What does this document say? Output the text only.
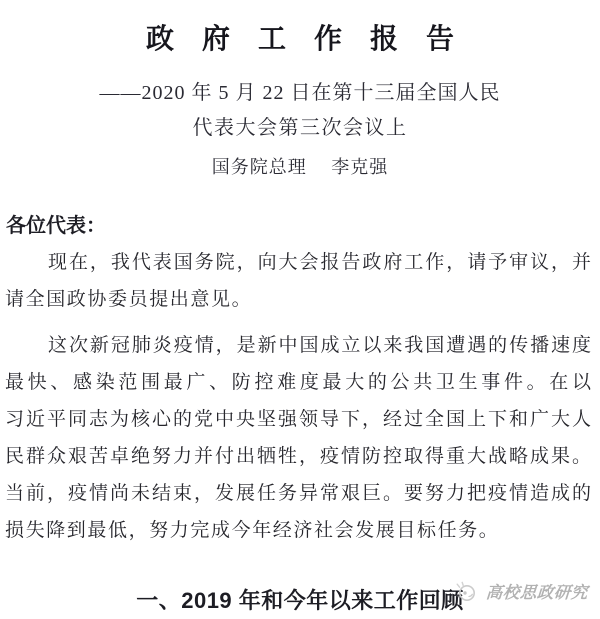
政　府　工　作　报　告
——2020 年 5 月 22 日在第十三届全国人民
代表大会第三次会议上
国务院总理　 李克强
各位代表：
现在，我代表国务院，向大会报告政府工作，请予审议，并
请全国政协委员提出意见。
这次新冠肺炎疫情，是新中国成立以来我国遭遇的传播速度
最快、感染范围最广、防控难度最大的公共卫生事件。在以
习近平同志为核心的党中央坚强领导下，经过全国上下和广大人
民群众艰苦卓绝努力并付出牺牲，疫情防控取得重大战略成果。
当前，疫情尚未结束，发展任务异常艰巨。要努力把疫情造成的
损失降到最低，努力完成今年经济社会发展目标任务。
一、2019 年和今年以来工作回顾	高校思政研究
